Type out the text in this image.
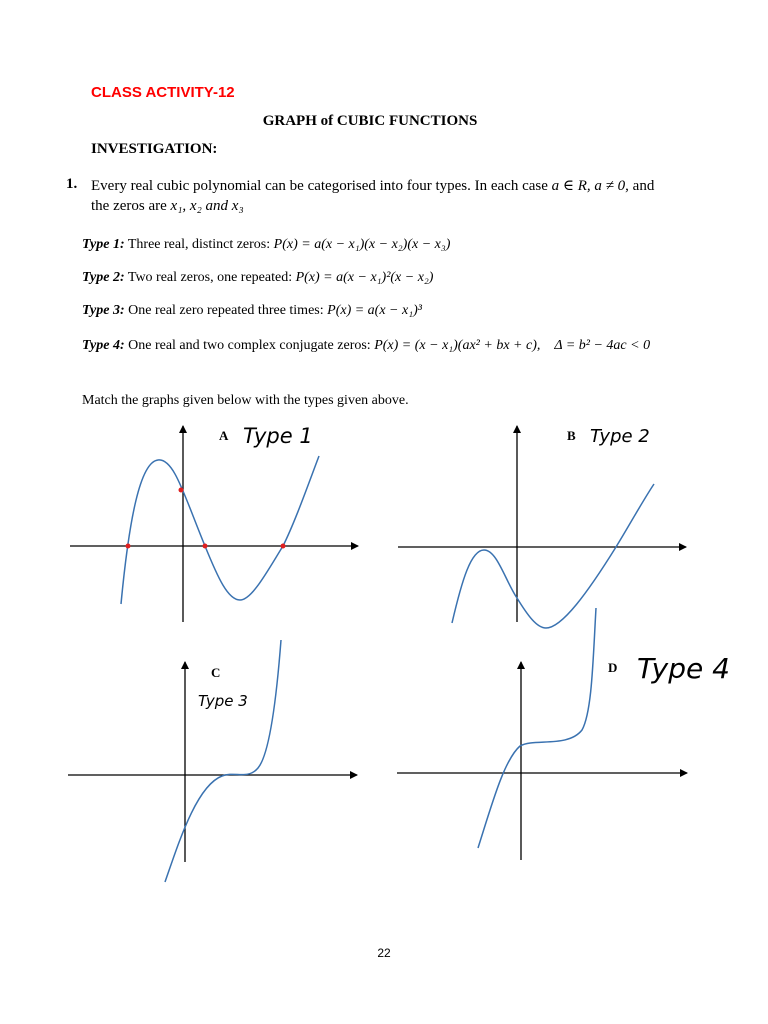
CLASS ACTIVITY-12
GRAPH of CUBIC FUNCTIONS
INVESTIGATION:
1. Every real cubic polynomial can be categorised into four types. In each case a ∈ R, a ≠ 0, and
the zeros are x₁, x₂ and x₃
Type 1: Three real, distinct zeros: P(x) = a(x − x₁)(x − x₂)(x − x₃)
Type 2: Two real zeros, one repeated: P(x) = a(x − x₁)²(x − x₂)
Type 3: One real zero repeated three times: P(x) = a(x − x₁)³
Type 4: One real and two complex conjugate zeros: P(x) = (x − x₁)(ax² + bx + c), Δ = b² − 4ac < 0
Match the graphs given below with the types given above.
A Type 1	B Type 2
C
Type 3
D Type 4
22
